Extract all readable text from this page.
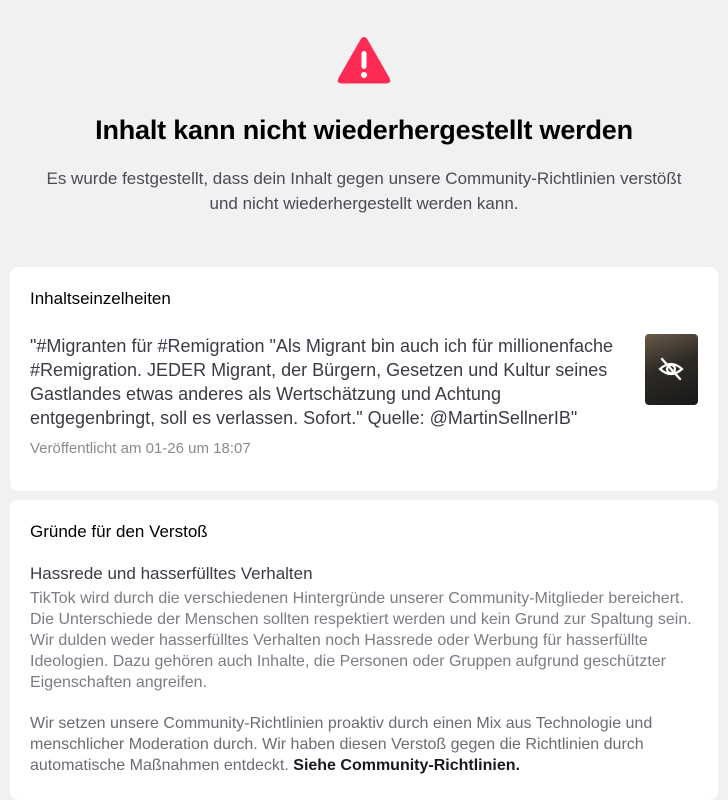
Inhalt kann nicht wiederhergestellt werden
Es wurde festgestellt, dass dein Inhalt gegen unsere Community-Richtlinien verstößt und nicht wiederhergestellt werden kann.
Inhaltseinzelheiten
"#Migranten für #Remigration "Als Migrant bin auch ich für millionenfache #Remigration. JEDER Migrant, der Bürgern, Gesetzen und Kultur seines Gastlandes etwas anderes als Wertschätzung und Achtung entgegenbringt, soll es verlassen. Sofort." Quelle: @MartinSellnerIB"
Veröffentlicht am 01-26 um 18:07
Gründe für den Verstoß
Hassrede und hasserfülltes Verhalten
TikTok wird durch die verschiedenen Hintergründe unserer Community-Mitglieder bereichert. Die Unterschiede der Menschen sollten respektiert werden und kein Grund zur Spaltung sein. Wir dulden weder hasserfülltes Verhalten noch Hassrede oder Werbung für hasserfüllte Ideologien. Dazu gehören auch Inhalte, die Personen oder Gruppen aufgrund geschützter Eigenschaften angreifen.
Wir setzen unsere Community-Richtlinien proaktiv durch einen Mix aus Technologie und menschlicher Moderation durch. Wir haben diesen Verstoß gegen die Richtlinien durch automatische Maßnahmen entdeckt. Siehe Community-Richtlinien.
